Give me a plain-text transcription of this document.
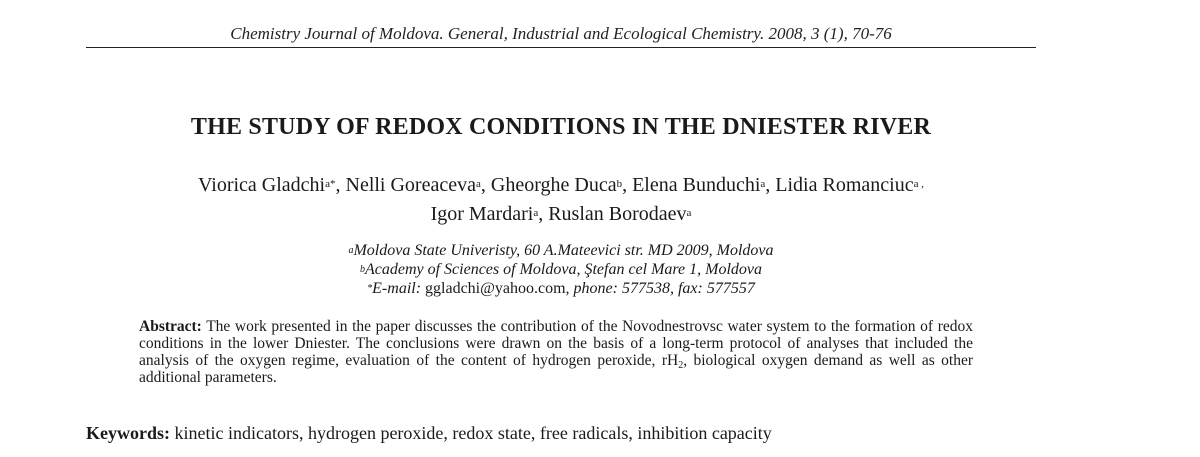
Chemistry Journal of Moldova. General, Industrial and Ecological Chemistry. 2008, 3 (1), 70-76
THE STUDY OF REDOX CONDITIONS IN THE DNIESTER RIVER
Viorica Gladchi$^{a*}$, Nelli Goreaceva$^a$, Gheorghe Duca$^b$, Elena Bunduchi$^a$, Lidia Romanciuc$^{a ,}$
Igor Mardari$^a$, Ruslan Borodaev$^a$
$^a$Moldova State Univeristy, 60 A.Mateevici str. MD 2009, Moldova
$^b$Academy of Sciences of Moldova, Ştefan cel Mare 1, Moldova
*E-mail: ggladchi@yahoo.com, phone: 577538, fax: 577557
Abstract: The work presented in the paper discusses the contribution of the Novodnestrovsc water system to the formation of redox conditions in the lower Dniester. The conclusions were drawn on the basis of a long-term protocol of analyses that included the analysis of the oxygen regime, evaluation of the content of hydrogen peroxide, $rH_2$, biological oxygen demand as well as other additional parameters.
Keywords: kinetic indicators, hydrogen peroxide, redox state, free radicals, inhibition capacity
